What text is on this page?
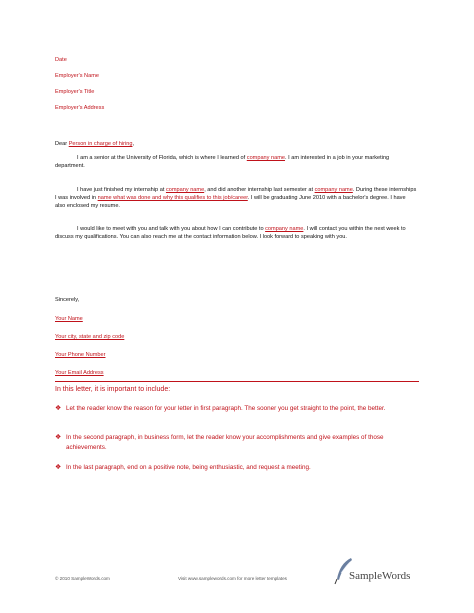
Date
Employer's Name
Employer's Title
Employer's Address
Dear Person in charge of hiring,

I am a senior at the University of Florida, which is where I learned of company name. I am interested in a job in your marketing department.

I have just finished my internship at company name, and did another internship last semester at company name. During these internships I was involved in name what was done and why this qualifies to this job/career. I will be graduating June 2010 with a bachelor's degree. I have also enclosed my resume.

I would like to meet with you and talk with you about how I can contribute to company name. I will contact you within the next week to discuss my qualifications. You can also reach me at the contact information below. I look forward to speaking with you.

Sincerely,
Your Name
Your city, state and zip code
Your Phone Number
Your Email Address
In this letter, it is important to include:
❖ Let the reader know the reason for your letter in first paragraph. The sooner you get straight to the point, the better.
❖ In the second paragraph, in business form, let the reader know your accomplishments and give examples of those achievements.
❖ In the last paragraph, end on a positive note, being enthusiastic, and request a meeting.
© 2010 SampleWords.com	Visit www.samplewords.com for more letter templates	SampleWords
